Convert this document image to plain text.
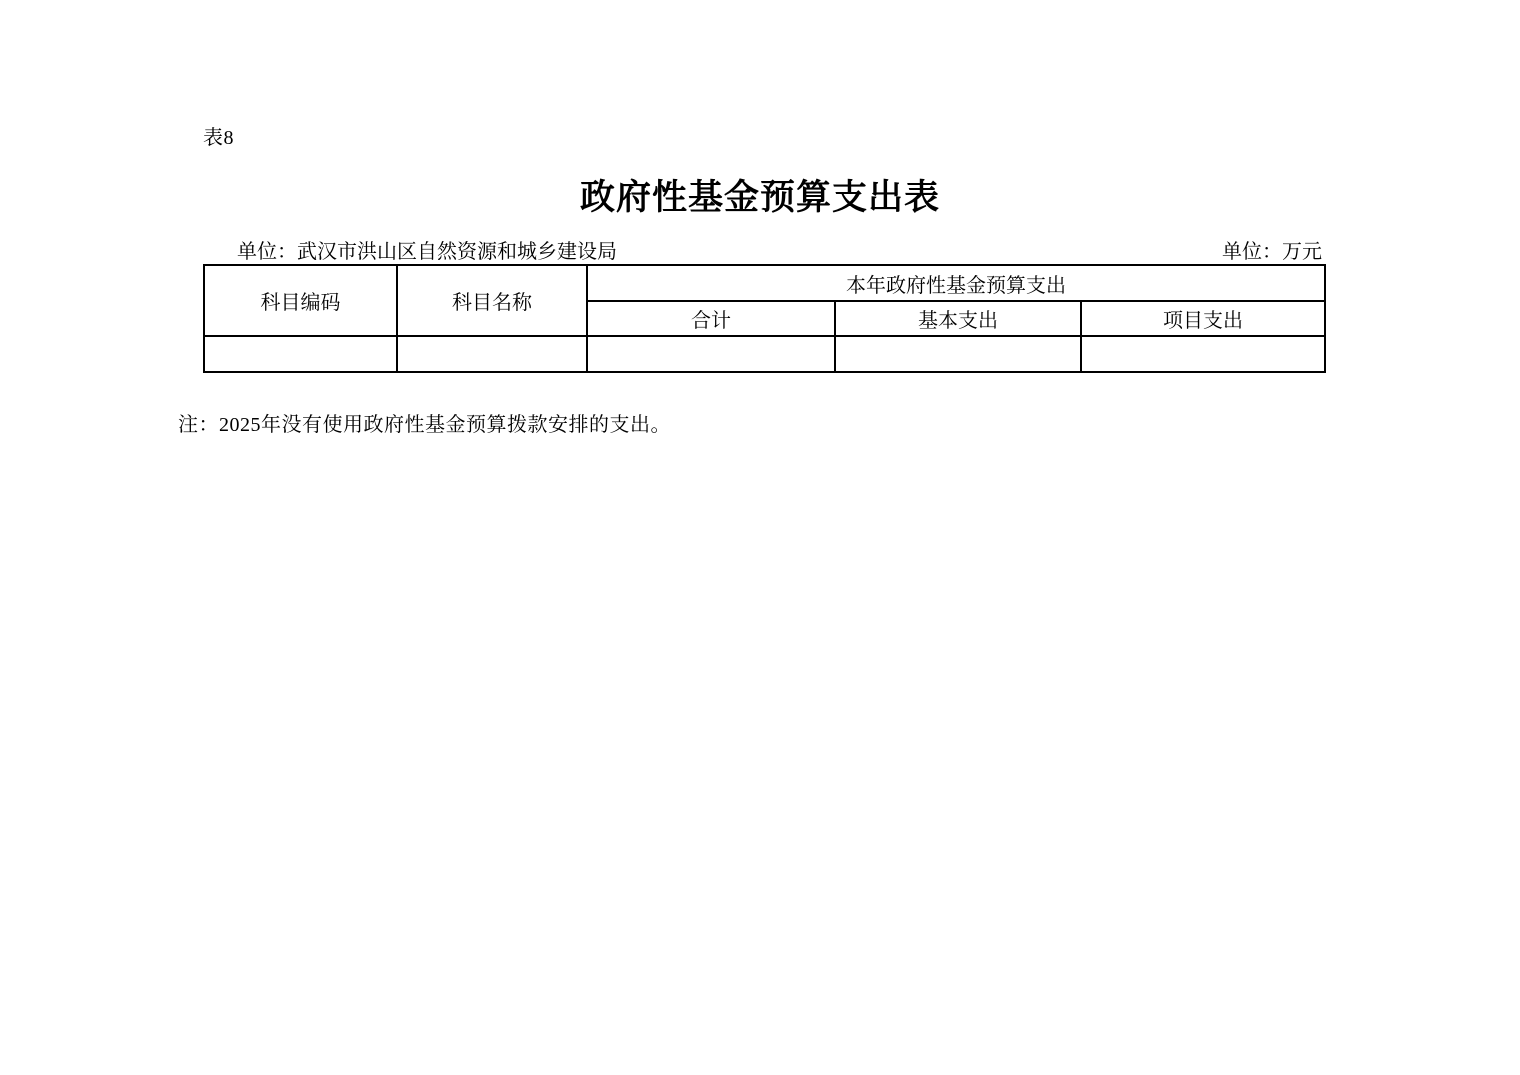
表8
政府性基金预算支出表
单位：武汉市洪山区自然资源和城乡建设局	单位：万元
科目编码	科目名称	本年政府性基金预算支出		
		合计	基本支出	项目支出

注：2025年没有使用政府性基金预算拨款安排的支出。
